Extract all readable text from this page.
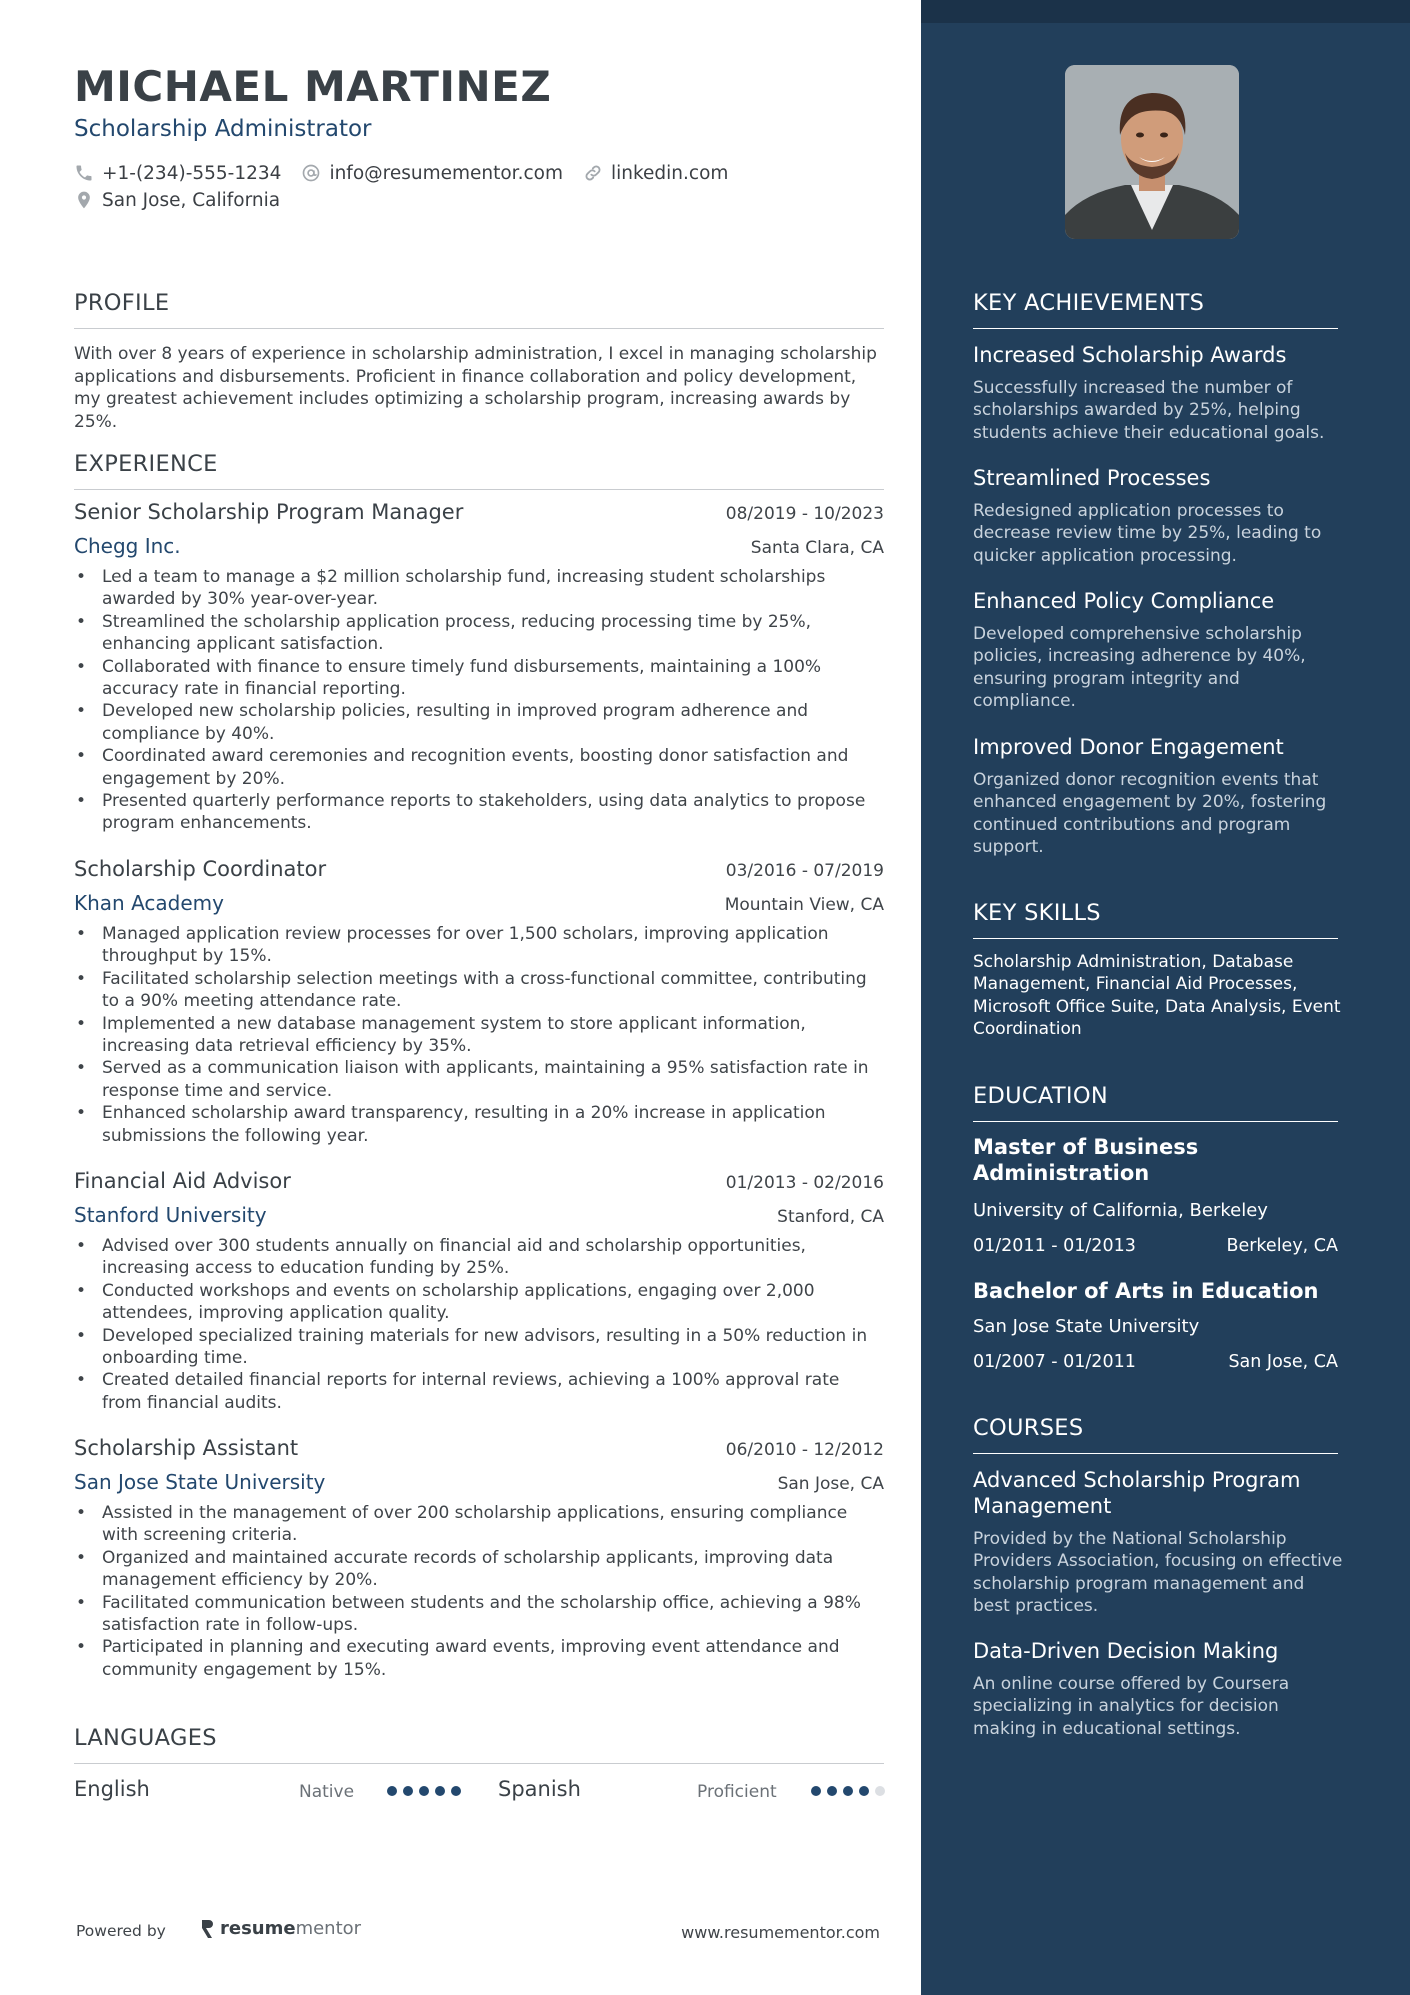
MICHAEL MARTINEZ
Scholarship Administrator
+1-(234)-555-1234	info@resumementor.com	linkedin.com
San Jose, California
PROFILE
With over 8 years of experience in scholarship administration, I excel in managing scholarship applications and disbursements. Proficient in finance collaboration and policy development, my greatest achievement includes optimizing a scholarship program, increasing awards by 25%.
EXPERIENCE
Senior Scholarship Program Manager	08/2019 - 10/2023
Chegg Inc.	Santa Clara, CA
• Led a team to manage a $2 million scholarship fund, increasing student scholarships awarded by 30% year-over-year.
• Streamlined the scholarship application process, reducing processing time by 25%, enhancing applicant satisfaction.
• Collaborated with finance to ensure timely fund disbursements, maintaining a 100% accuracy rate in financial reporting.
• Developed new scholarship policies, resulting in improved program adherence and compliance by 40%.
• Coordinated award ceremonies and recognition events, boosting donor satisfaction and engagement by 20%.
• Presented quarterly performance reports to stakeholders, using data analytics to propose program enhancements.
Scholarship Coordinator	03/2016 - 07/2019
Khan Academy	Mountain View, CA
• Managed application review processes for over 1,500 scholars, improving application throughput by 15%.
• Facilitated scholarship selection meetings with a cross-functional committee, contributing to a 90% meeting attendance rate.
• Implemented a new database management system to store applicant information, increasing data retrieval efficiency by 35%.
• Served as a communication liaison with applicants, maintaining a 95% satisfaction rate in response time and service.
• Enhanced scholarship award transparency, resulting in a 20% increase in application submissions the following year.
Financial Aid Advisor	01/2013 - 02/2016
Stanford University	Stanford, CA
• Advised over 300 students annually on financial aid and scholarship opportunities, increasing access to education funding by 25%.
• Conducted workshops and events on scholarship applications, engaging over 2,000 attendees, improving application quality.
• Developed specialized training materials for new advisors, resulting in a 50% reduction in onboarding time.
• Created detailed financial reports for internal reviews, achieving a 100% approval rate from financial audits.
Scholarship Assistant	06/2010 - 12/2012
San Jose State University	San Jose, CA
• Assisted in the management of over 200 scholarship applications, ensuring compliance with screening criteria.
• Organized and maintained accurate records of scholarship applicants, improving data management efficiency by 20%.
• Facilitated communication between students and the scholarship office, achieving a 98% satisfaction rate in follow-ups.
• Participated in planning and executing award events, improving event attendance and community engagement by 15%.
LANGUAGES
English	Native	Spanish	Proficient
Powered by	resume mentor	www.resumementor.com
KEY ACHIEVEMENTS
Increased Scholarship Awards
Successfully increased the number of scholarships awarded by 25%, helping students achieve their educational goals.
Streamlined Processes
Redesigned application processes to decrease review time by 25%, leading to quicker application processing.
Enhanced Policy Compliance
Developed comprehensive scholarship policies, increasing adherence by 40%, ensuring program integrity and compliance.
Improved Donor Engagement
Organized donor recognition events that enhanced engagement by 20%, fostering continued contributions and program support.
KEY SKILLS
Scholarship Administration, Database Management, Financial Aid Processes, Microsoft Office Suite, Data Analysis, Event Coordination
EDUCATION
Master of Business Administration
University of California, Berkeley
01/2011 - 01/2013	Berkeley, CA
Bachelor of Arts in Education
San Jose State University
01/2007 - 01/2011	San Jose, CA
COURSES
Advanced Scholarship Program Management
Provided by the National Scholarship Providers Association, focusing on effective scholarship program management and best practices.
Data-Driven Decision Making
An online course offered by Coursera specializing in analytics for decision making in educational settings.
